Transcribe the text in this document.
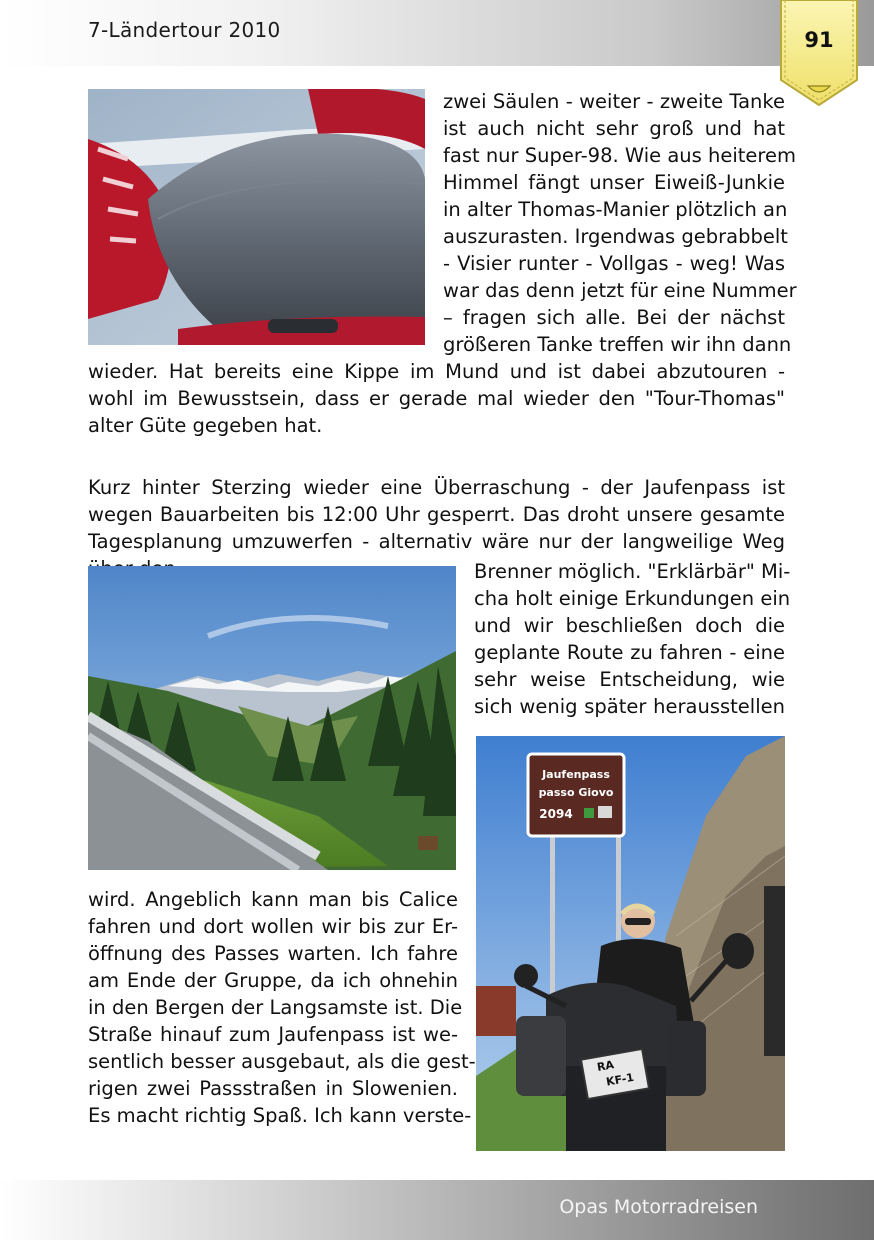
7-Ländertour 2010	91
zwei Säulen - weiter - zweite Tanke
ist auch nicht sehr groß und hat
fast nur Super-98. Wie aus heiterem
Himmel fängt unser Eiweiß-Junkie
in alter Thomas-Manier plötzlich an
auszurasten. Irgendwas gebrabbelt
- Visier runter - Vollgas - weg! Was
war das denn jetzt für eine Nummer
– fragen sich alle. Bei der nächst
größeren Tanke treffen wir ihn dann

wieder. Hat bereits eine Kippe im Mund und ist dabei abzutouren - wohl im Bewusstsein, dass er gerade mal wieder den "Tour-Thomas" alter Güte gegeben hat.

Kurz hinter Sterzing wieder eine Überraschung - der Jaufenpass ist wegen Bauarbeiten bis 12:00 Uhr gesperrt. Das droht unsere gesamte Tagesplanung umzuwerfen - alternativ wäre nur der langweilige Weg

Brenner möglich. "Erklärbär" Mi-
cha holt einige Erkundungen ein
und wir beschließen doch die
geplante Route zu fahren - eine
sehr weise Entscheidung, wie
sich wenig später herausstellen
Jaufenpass
passo Giovo
2094
RA
KF-1
wird. Angeblich kann man bis Calice
fahren und dort wollen wir bis zur Er-
öffnung des Passes warten. Ich fahre
am Ende der Gruppe, da ich ohnehin
in den Bergen der Langsamste ist. Die
Straße hinauf zum Jaufenpass ist we-
sentlich besser ausgebaut, als die gest-
rigen zwei Passstraßen in Slowenien.
Es macht richtig Spaß. Ich kann verste-
Opas Motorradreisen
